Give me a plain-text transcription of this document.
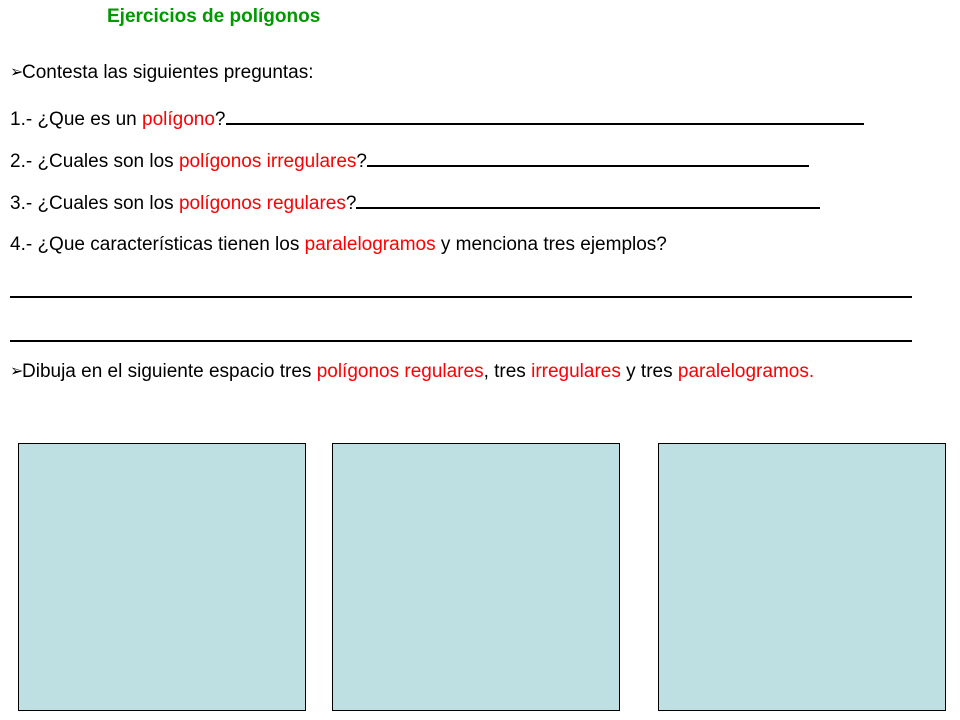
Ejercicios de polígonos
➢Contesta las siguientes preguntas:
1.- ¿Que es un polígono?
2.- ¿Cuales son los polígonos irregulares?
3.- ¿Cuales son los polígonos regulares?
4.- ¿Que características tienen los paralelogramos y menciona tres ejemplos?
➢Dibuja en el siguiente espacio tres polígonos regulares, tres irregulares y tres paralelogramos.
